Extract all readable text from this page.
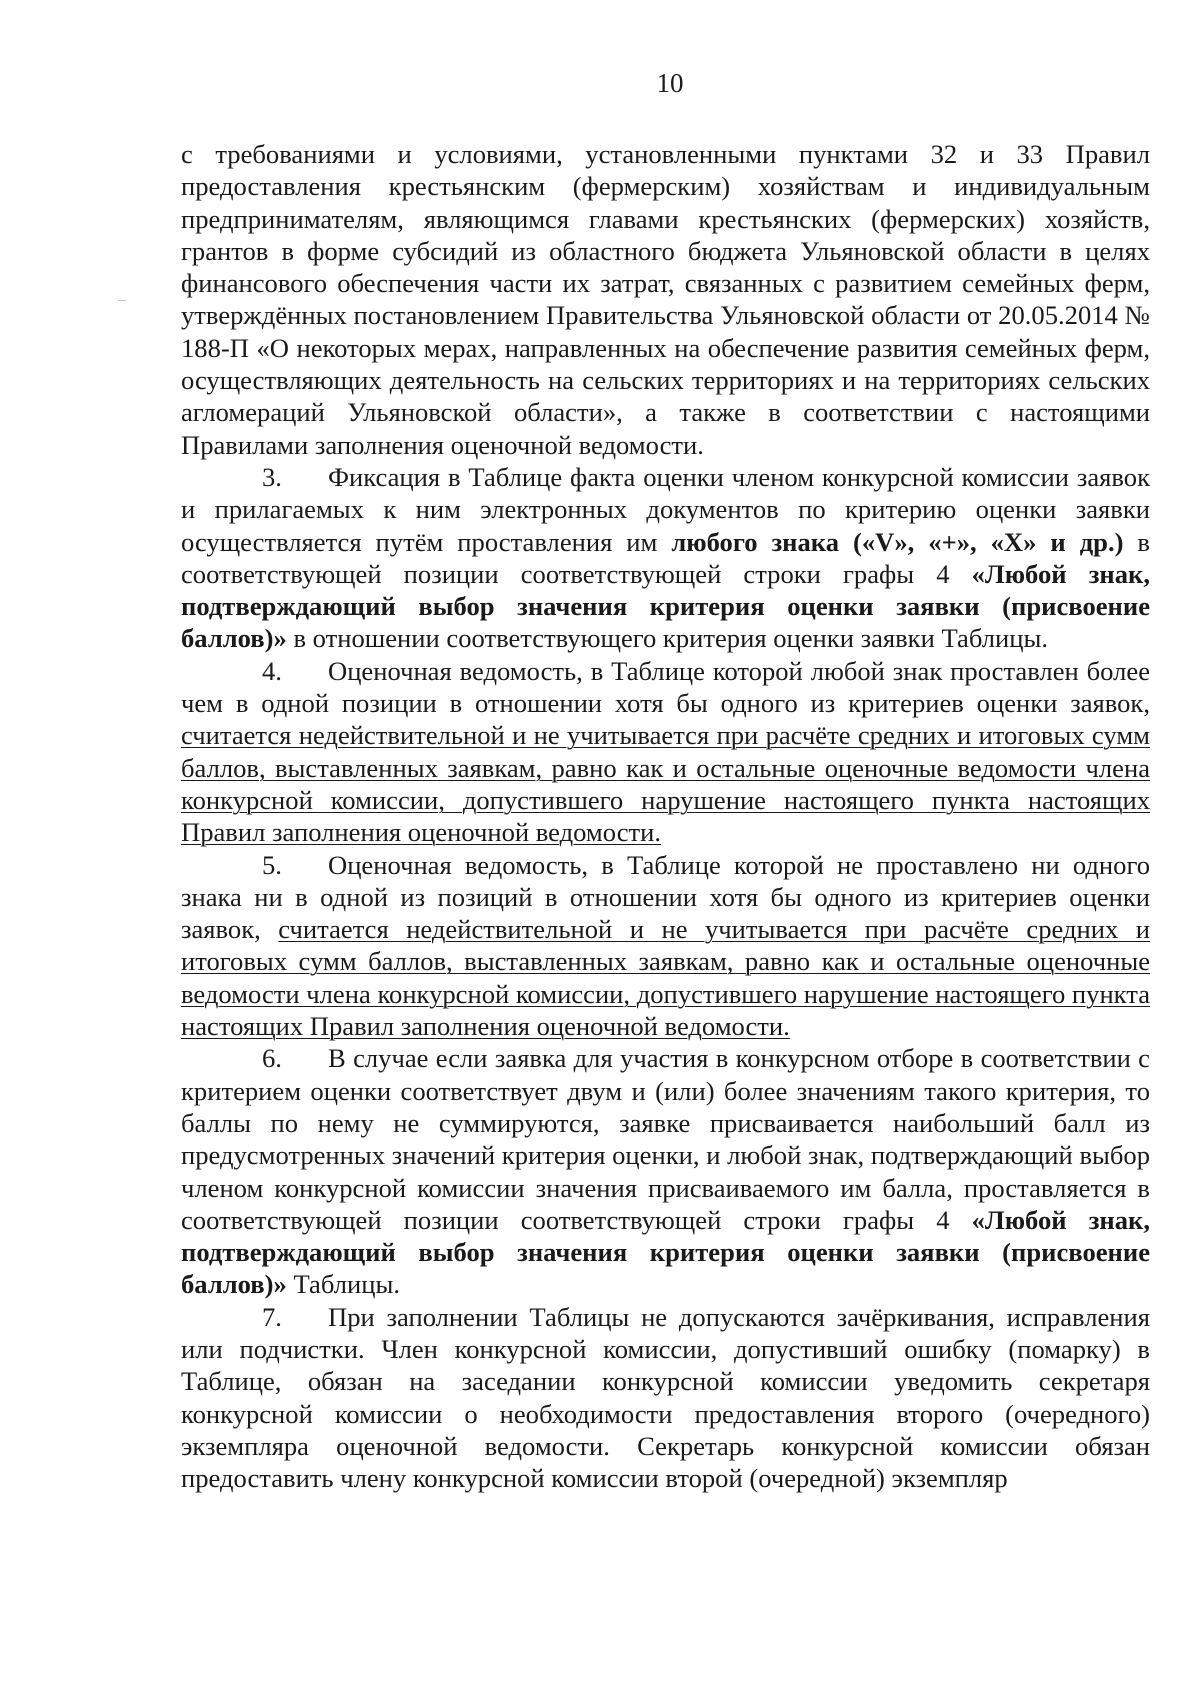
10

с требованиями и условиями, установленными пунктами 32 и 33 Правил предоставления крестьянским (фермерским) хозяйствам и индивидуальным предпринимателям, являющимся главами крестьянских (фермерских) хозяйств, грантов в форме субсидий из областного бюджета Ульяновской области в целях финансового обеспечения части их затрат, связанных с развитием семейных ферм, утверждённых постановлением Правительства Ульяновской области от 20.05.2014 № 188-П «О некоторых мерах, направленных на обеспечение развития семейных ферм, осуществляющих деятельность на сельских территориях и на территориях сельских агломераций Ульяновской области», а также в соответствии с настоящими Правилами заполнения оценочной ведомости.

3. Фиксация в Таблице факта оценки членом конкурсной комиссии заявок и прилагаемых к ним электронных документов по критерию оценки заявки осуществляется путём проставления им любого знака («V», «+», «X» и др.) в соответствующей позиции соответствующей строки графы 4 «Любой знак, подтверждающий выбор значения критерия оценки заявки (присвоение баллов)» в отношении соответствующего критерия оценки заявки Таблицы.

4. Оценочная ведомость, в Таблице которой любой знак проставлен более чем в одной позиции в отношении хотя бы одного из критериев оценки заявок, считается недействительной и не учитывается при расчёте средних и итоговых сумм баллов, выставленных заявкам, равно как и остальные оценочные ведомости члена конкурсной комиссии, допустившего нарушение настоящего пункта настоящих Правил заполнения оценочной ведомости.

5. Оценочная ведомость, в Таблице которой не проставлено ни одного знака ни в одной из позиций в отношении хотя бы одного из критериев оценки заявок, считается недействительной и не учитывается при расчёте средних и итоговых сумм баллов, выставленных заявкам, равно как и остальные оценочные ведомости члена конкурсной комиссии, допустившего нарушение настоящего пункта настоящих Правил заполнения оценочной ведомости.

6. В случае если заявка для участия в конкурсном отборе в соответствии с критерием оценки соответствует двум и (или) более значениям такого критерия, то баллы по нему не суммируются, заявке присваивается наибольший балл из предусмотренных значений критерия оценки, и любой знак, подтверждающий выбор членом конкурсной комиссии значения присваиваемого им балла, проставляется в соответствующей позиции соответствующей строки графы 4 «Любой знак, подтверждающий выбор значения критерия оценки заявки (присвоение баллов)» Таблицы.

7. При заполнении Таблицы не допускаются зачёркивания, исправления или подчистки. Член конкурсной комиссии, допустивший ошибку (помарку) в Таблице, обязан на заседании конкурсной комиссии уведомить секретаря конкурсной комиссии о необходимости предоставления второго (очередного) экземпляра оценочной ведомости. Секретарь конкурсной комиссии обязан предоставить члену конкурсной комиссии второй (очередной) экземпляр
